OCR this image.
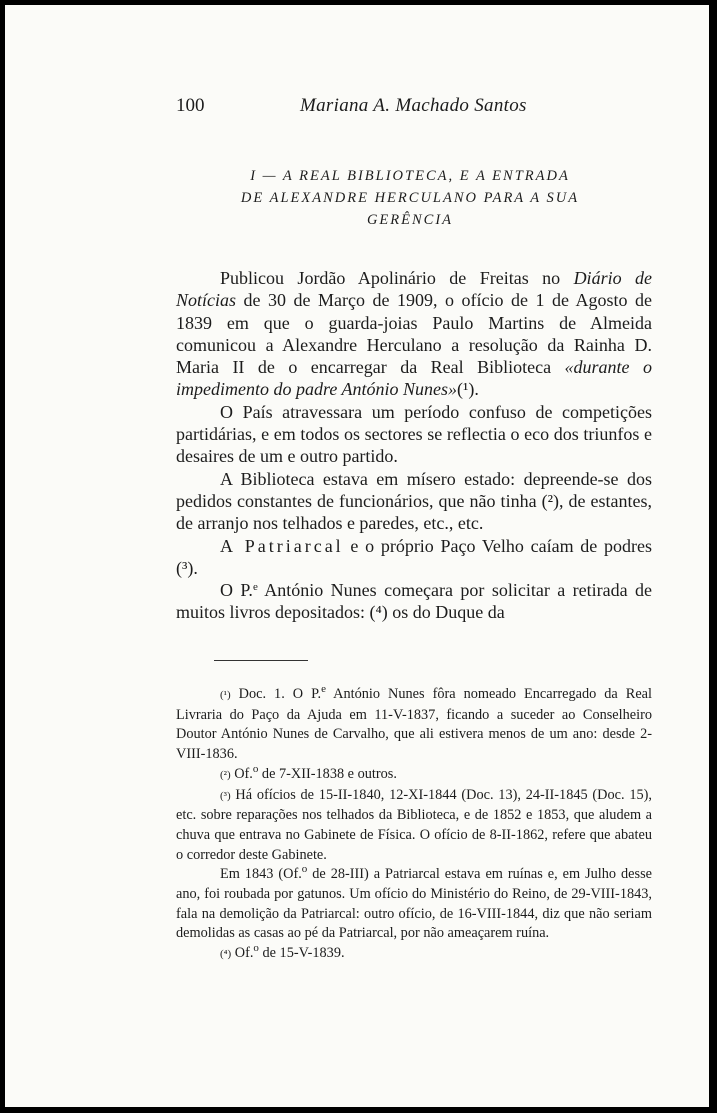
100	Mariana A. Machado Santos
I — A REAL BIBLIOTECA, E A ENTRADA
DE ALEXANDRE HERCULANO PARA A SUA
GERÊNCIA

Publicou Jordão Apolinário de Freitas no Diário de Notícias de 30 de Março de 1909, o ofício de 1 de Agosto de 1839 em que o guarda-joias Paulo Martins de Almeida comunicou a Alexandre Herculano a resolução da Rainha D. Maria II de o encarregar da Real Biblioteca «durante o impedimento do padre António Nunes»(¹).

O País atravessara um período confuso de competições partidárias, e em todos os sectores se reflectia o eco dos triunfos e desaires de um e outro partido.

A Biblioteca estava em mísero estado: depreende-se dos pedidos constantes de funcionários, que não tinha (²), de estantes, de arranjo nos telhados e paredes, etc., etc.

A Patriarcal e o próprio Paço Velho caíam de podres (³).

O P.$^e$ António Nunes começara por solicitar a retirada de muitos livros depositados: (⁴) os do Duque da

(¹) Doc. 1. O P.$^e$ António Nunes fôra nomeado Encarregado da Real Livraria do Paço da Ajuda em 11-V-1837, ficando a suceder ao Conselheiro Doutor António Nunes de Carvalho, que ali estivera menos de um ano: desde 2-VIII-1836.

(²) Of.$^o$ de 7-XII-1838 e outros.

(³) Há ofícios de 15-II-1840, 12-XI-1844 (Doc. 13), 24-II-1845 (Doc. 15), etc. sobre reparações nos telhados da Biblioteca, e de 1852 e 1853, que aludem a chuva que entrava no Gabinete de Física. O ofício de 8-II-1862, refere que abateu o corredor deste Gabinete.

Em 1843 (Of.$^o$ de 28-III) a Patriarcal estava em ruínas e, em Julho desse ano, foi roubada por gatunos. Um ofício do Ministério do Reino, de 29-VIII-1843, fala na demolição da Patriarcal: outro ofício, de 16-VIII-1844, diz que não seriam demolidas as casas ao pé da Patriarcal, por não ameaçarem ruína.

(⁴) Of.$^o$ de 15-V-1839.
